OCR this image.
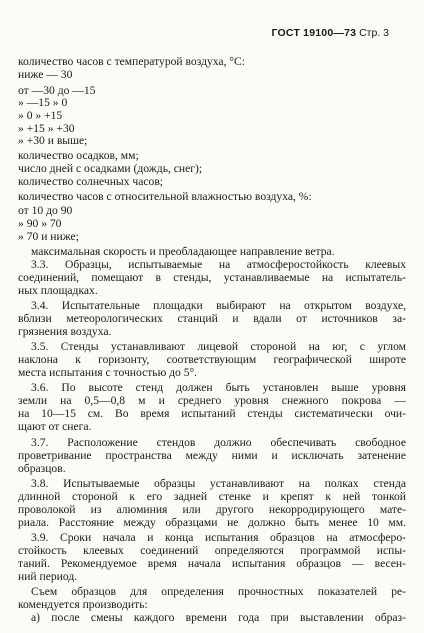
ГОСТ 19100—73 Стр. 3
количество часов с температурой воздуха, °С:
ниже — 30
от —30 до —15
» —15 » 0
» 0 » +15
» +15 » +30
» +30 и выше;
количество осадков, мм;
число дней с осадками (дождь, снег);
количество солнечных часов;
количество часов с относительной влажностью воздуха, %:
от 10 до 90
» 90 » 70
» 70 и ниже;
максимальная скорость и преобладающее направление ветра.
3.3. Образцы, испытываемые на атмосферостойкость клеевых
соединений, помещают в стенды, устанавливаемые на испытатель-
ных площадках.
3.4. Испытательные площадки выбирают на открытом воздухе,
вблизи метеорологических станций и вдали от источников за-
грязнения воздуха.
3.5. Стенды устанавливают лицевой стороной на юг, с углом
наклона к горизонту, соответствующим географической широте
места испытания с точностью до 5°.
3.6. По высоте стенд должен быть установлен выше уровня
земли на 0,5—0,8 м и среднего уровня снежного покрова —
на 10—15 см. Во время испытаний стенды систематически очи-
щают от снега.
3.7. Расположение стендов должно обеспечивать свободное
проветривание пространства между ними и исключать затенение
образцов.
3.8. Испытываемые образцы устанавливают на полках стенда
длинной стороной к его задней стенке и крепят к ней тонкой
проволокой из алюминия или другого некорродирующего мате-
риала. Расстояние между образцами не должно быть менее 10 мм.
3.9. Сроки начала и конца испытания образцов на атмосферо-
стойкость клеевых соединений определяются программой испы-
таний. Рекомендуемое время начала испытания образцов — весен-
ний период.
Съем образцов для определения прочностных показателей ре-
комендуется производить:
а) после смены каждого времени года при выставлении образ-
